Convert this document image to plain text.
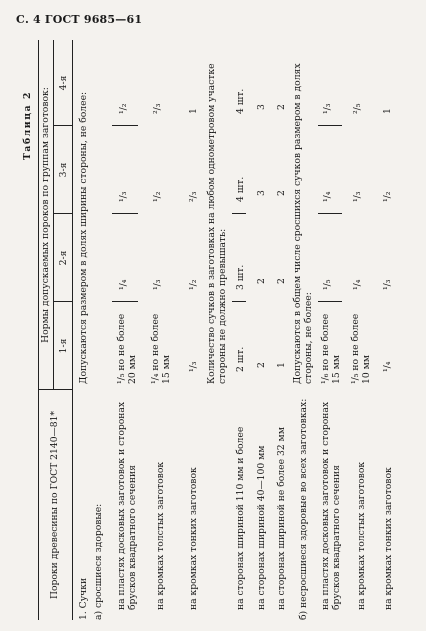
С. 4 ГОСТ 9685—61
Таблица 2
Пороки древесины по ГОСТ 2140—81*
Нормы допускаемых пороков по группам заготовок:
1-я
2-я
3-я
4-я
1. Сучки а) сросшиеся здоровые: на пластях досковых заготовок и сторонах брусков квадратного сечения на кромках толстых заготовок на кромках тонких заготовок	на сторонах шириной 110 мм и более на сторонах шириной 40—100 мм на сторонах шириной не более 32 мм б) несросшиеся здоровые во всех заготовках: на пластях досковых заготовок и сторонах брусков квадратного сечения на кромках толстых заготовок на кромках тонких заготовок
Допускаются размером в долях ширины стороны, не более:	¹/₅ но не более 20 мм
¹/₄
¹/₃
¹/₂
¹/₄ но не более 15 мм
¹/₃
¹/₂
²/₃
¹/₃
¹/₂
²/₃
1 Количество сучков в заготовках на любом однометровом участке стороны не должно превышать: 2 шт.
3 шт.
4 шт.
4 шт.
2
2
3
3
1
2
2
2 Допускаются в общем числе сросшихся сучков размером в долях стороны, не более: ¹/₆ но не более 15 мм
¹/₅
¹/₄
¹/₃
¹/₅ но не более 10 мм
¹/₄
¹/₃
²/₅
¹/₄
¹/₃
¹/₂
1
